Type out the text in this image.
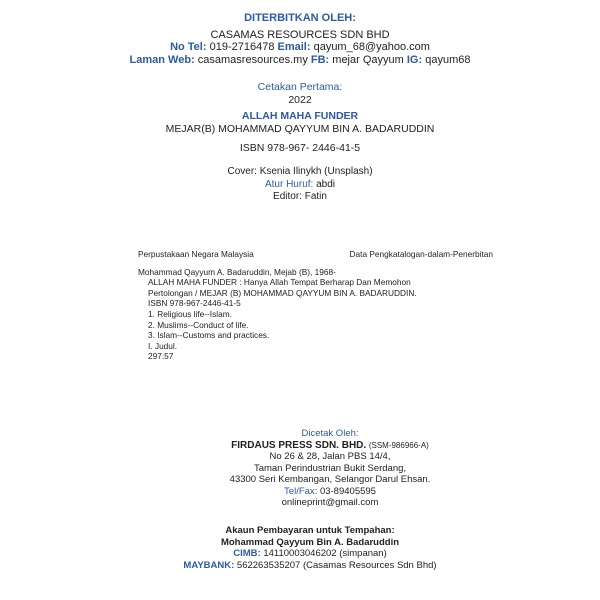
DITERBITKAN OLEH:
CASAMAS RESOURCES SDN BHD
No Tel: 019-2716478 Email: qayum_68@yahoo.com
Laman Web: casamasresources.my FB: mejar Qayyum IG: qayum68
Cetakan Pertama:
2022
ALLAH MAHA FUNDER
MEJAR(B) MOHAMMAD QAYYUM BIN A. BADARUDDIN
ISBN 978-967- 2446-41-5
Cover: Ksenia Ilinykh (Unsplash)
Atur Huruf: abdi
Editor: Fatin
Perpustakaan Negara Malaysia	Data Pengkatalogan-dalam-Penerbitan
Mohammad Qayyum A. Badaruddin, Mejab (B), 1968-
ALLAH MAHA FUNDER : Hanya Allah Tempat Berharap Dan Memohon
Pertolongan / MEJAR (B) MOHAMMAD QAYYUM BIN A. BADARUDDIN.
ISBN 978-967-2446-41-5
1. Religious life--Islam.
2. Muslims--Conduct of life.
3. Islam--Customs and practices.
I. Judul.
297.57
Dicetak Oleh:
FIRDAUS PRESS SDN. BHD. (SSM-986966-A)
No 26 & 28, Jalan PBS 14/4,
Taman Perindustrian Bukit Serdang,
43300 Seri Kembangan, Selangor Darul Ehsan.
Tel/Fax: 03-89405595
onlineprint@gmail.com
Akaun Pembayaran untuk Tempahan:
Mohammad Qayyum Bin A. Badaruddin
CIMB: 14110003046202 (simpanan)
MAYBANK: 562263535207 (Casamas Resources Sdn Bhd)
